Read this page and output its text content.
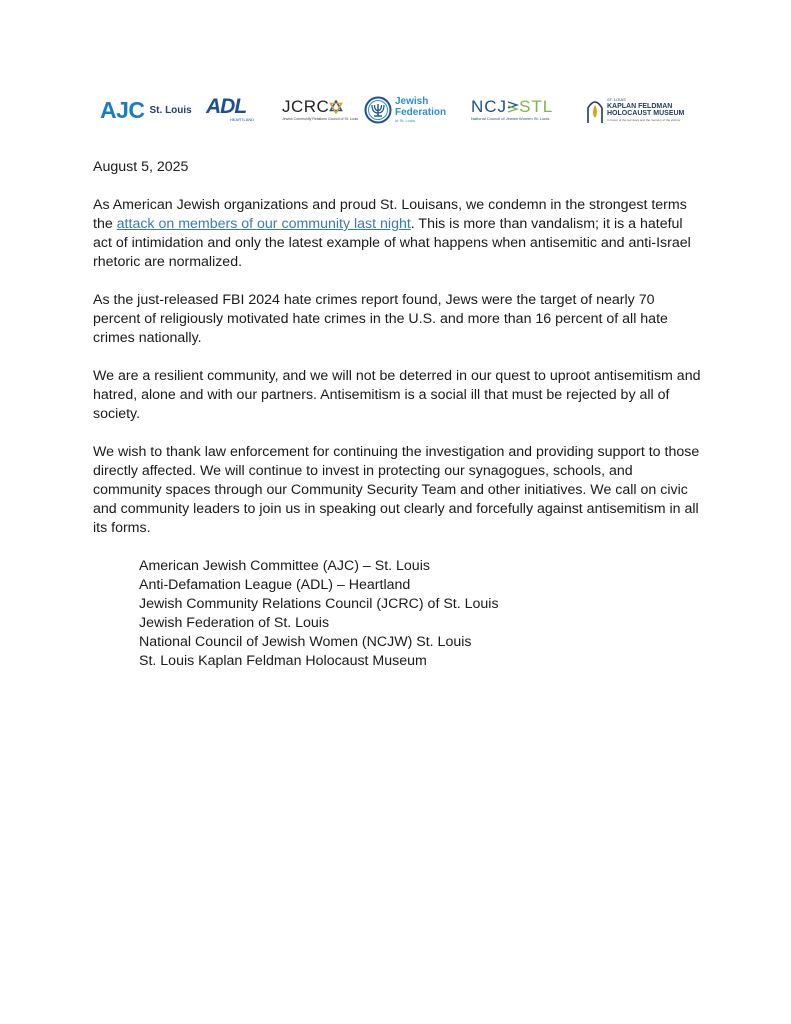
AJC St. Louis ADL
HEARTLAND
JCRC
Jewish Community Relations Council of St. Louis
Jewish
Federation
of St. Louis
NCJ STL
National Council of Jewish Women St. Louis
ST. LOUIS
KAPLAN FELDMAN
HOLOCAUST MUSEUM
In honor of the survivors and the memory of the victims

August 5, 2025

As American Jewish organizations and proud St. Louisans, we condemn in the strongest terms the attack on members of our community last night. This is more than vandalism; it is a hateful act of intimidation and only the latest example of what happens when antisemitic and anti-Israel rhetoric are normalized.

As the just-released FBI 2024 hate crimes report found, Jews were the target of nearly 70 percent of religiously motivated hate crimes in the U.S. and more than 16 percent of all hate crimes nationally.

We are a resilient community, and we will not be deterred in our quest to uproot antisemitism and hatred, alone and with our partners. Antisemitism is a social ill that must be rejected by all of society.

We wish to thank law enforcement for continuing the investigation and providing support to those directly affected. We will continue to invest in protecting our synagogues, schools, and community spaces through our Community Security Team and other initiatives. We call on civic and community leaders to join us in speaking out clearly and forcefully against antisemitism in all its forms.

American Jewish Committee (AJC) – St. Louis
Anti-Defamation League (ADL) – Heartland
Jewish Community Relations Council (JCRC) of St. Louis
Jewish Federation of St. Louis
National Council of Jewish Women (NCJW) St. Louis
St. Louis Kaplan Feldman Holocaust Museum
